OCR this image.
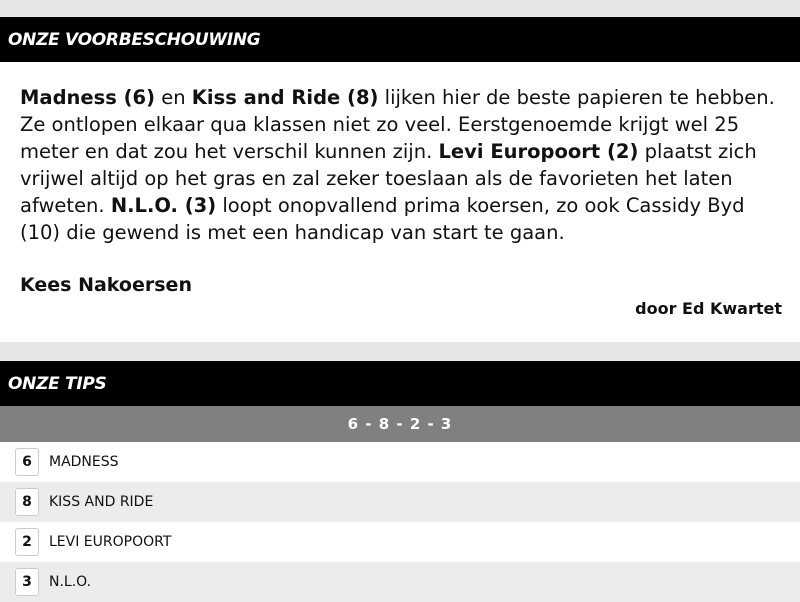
ONZE VOORBESCHOUWING

Madness (6) en Kiss and Ride (8) lijken hier de beste papieren te hebben. Ze ontlopen elkaar qua klassen niet zo veel. Eerstgenoemde krijgt wel 25 meter en dat zou het verschil kunnen zijn. Levi Europoort (2) plaatst zich vrijwel altijd op het gras en zal zeker toeslaan als de favorieten het laten afweten. N.L.O. (3) loopt onopvallend prima koersen, zo ook Cassidy Byd (10) die gewend is met een handicap van start te gaan.

Kees Nakoersen
door Ed Kwartet
ONZE TIPS
6 - 8 - 2 - 3
6	MADNESS
8	KISS AND RIDE
2	LEVI EUROPOORT
3	N.L.O.
